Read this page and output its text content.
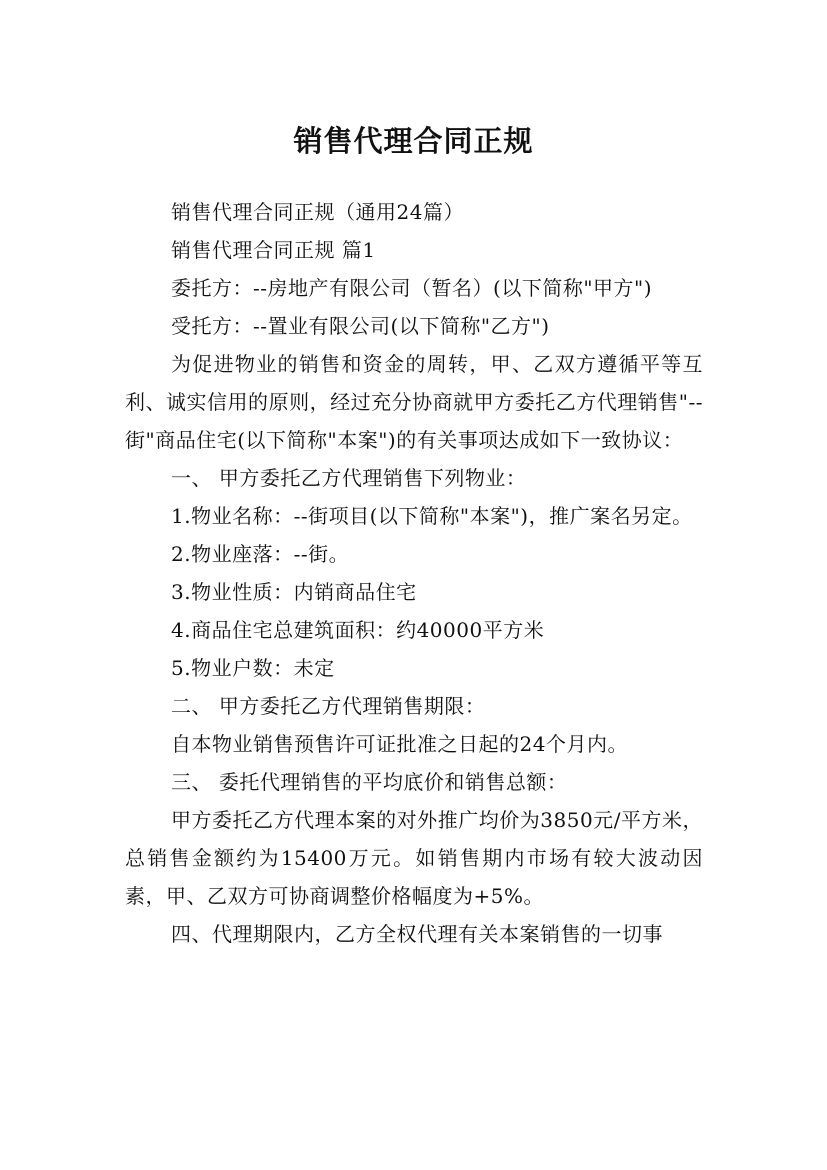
销售代理合同正规

销售代理合同正规（通用24篇）

销售代理合同正规 篇1

委托方：--房地产有限公司（暂名）(以下简称"甲方")

受托方：--置业有限公司(以下简称"乙方")

为促进物业的销售和资金的周转，甲、乙双方遵循平等互利、诚实信用的原则，经过充分协商就甲方委托乙方代理销售"--街"商品住宅(以下简称"本案")的有关事项达成如下一致协议：

一、 甲方委托乙方代理销售下列物业：

1.物业名称：--街项目(以下简称"本案")，推广案名另定。

2.物业座落：--街。

3.物业性质：内销商品住宅

4.商品住宅总建筑面积：约40000平方米

5.物业户数：未定

二、 甲方委托乙方代理销售期限：

自本物业销售预售许可证批准之日起的24个月内。

三、 委托代理销售的平均底价和销售总额：

甲方委托乙方代理本案的对外推广均价为3850元/平方米，总销售金额约为15400万元。如销售期内市场有较大波动因素，甲、乙双方可协商调整价格幅度为+5%。

四、代理期限内，乙方全权代理有关本案销售的一切事
